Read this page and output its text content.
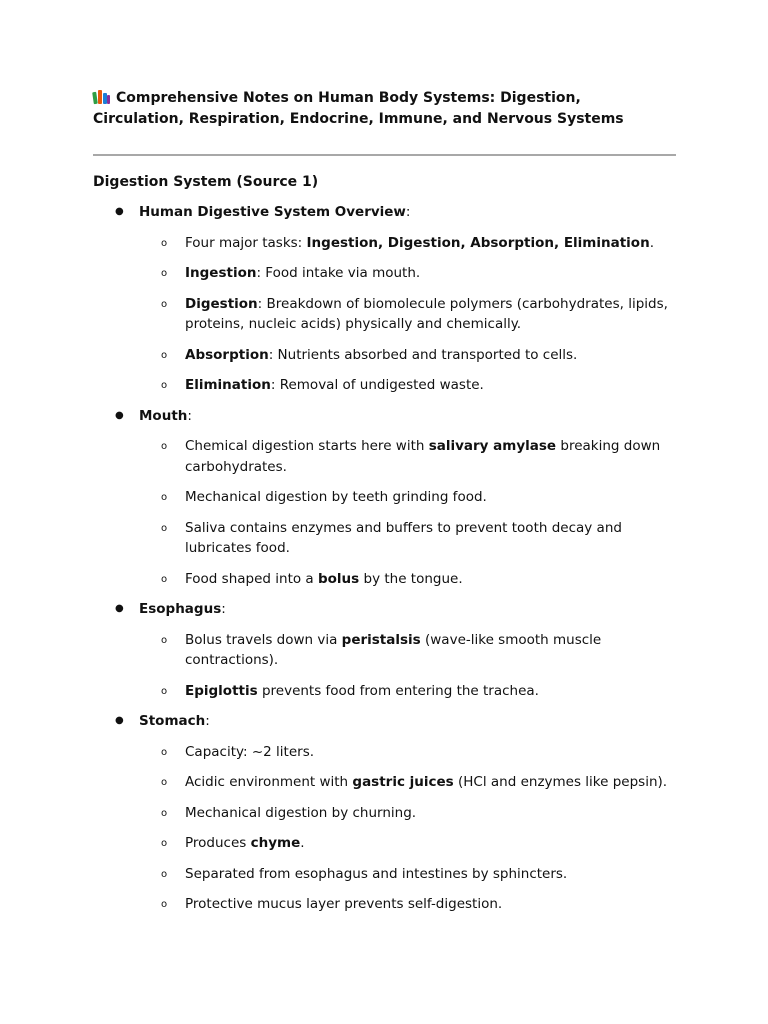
Comprehensive Notes on Human Body Systems: Digestion, Circulation, Respiration, Endocrine, Immune, and Nervous Systems

Digestion System (Source 1)

● Human Digestive System Overview:
o Four major tasks: Ingestion, Digestion, Absorption, Elimination.
o Ingestion: Food intake via mouth.
o Digestion: Breakdown of biomolecule polymers (carbohydrates, lipids, proteins, nucleic acids) physically and chemically.
o Absorption: Nutrients absorbed and transported to cells.
o Elimination: Removal of undigested waste.
● Mouth:
o Chemical digestion starts here with salivary amylase breaking down carbohydrates.
o Mechanical digestion by teeth grinding food.
o Saliva contains enzymes and buffers to prevent tooth decay and lubricates food.
o Food shaped into a bolus by the tongue.
● Esophagus:
o Bolus travels down via peristalsis (wave-like smooth muscle contractions).
o Epiglottis prevents food from entering the trachea.
● Stomach:
o Capacity: ~2 liters.
o Acidic environment with gastric juices (HCl and enzymes like pepsin).
o Mechanical digestion by churning.
o Produces chyme.
o Separated from esophagus and intestines by sphincters.
o Protective mucus layer prevents self-digestion.
